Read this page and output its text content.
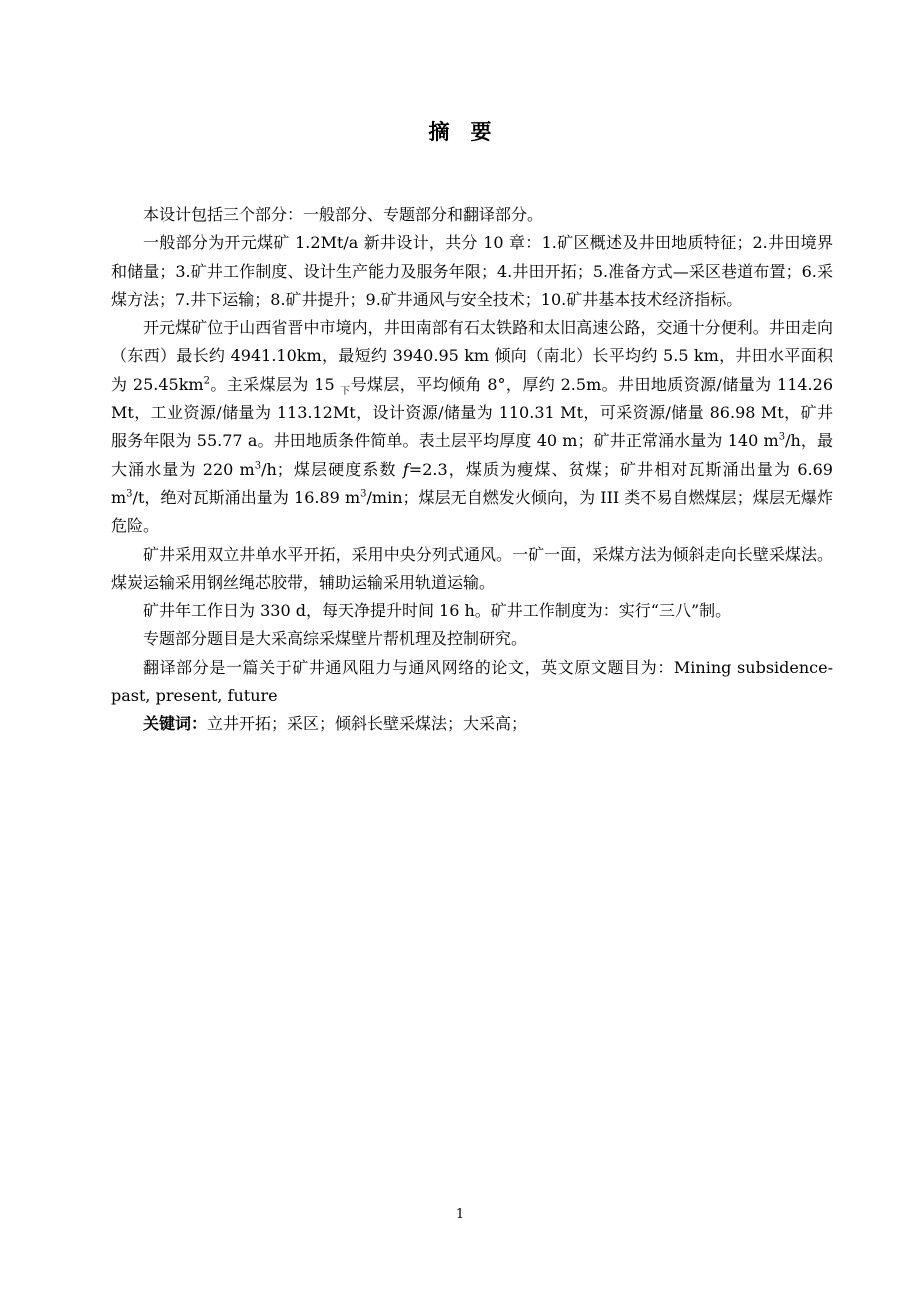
摘　要

本设计包括三个部分：一般部分、专题部分和翻译部分。

一般部分为开元煤矿 1.2Mt/a 新井设计，共分 10 章：1.矿区概述及井田地质特征；2.井田境界和储量；3.矿井工作制度、设计生产能力及服务年限；4.井田开拓；5.准备方式—采区巷道布置；6.采煤方法；7.井下运输；8.矿井提升；9.矿井通风与安全技术；10.矿井基本技术经济指标。

开元煤矿位于山西省晋中市境内，井田南部有石太铁路和太旧高速公路，交通十分便利。井田走向（东西）最长约 4941.10km，最短约 3940.95 km 倾向（南北）长平均约 5.5 km，井田水平面积为 $25.45km^2$。主采煤层为 15 $_下$号煤层，平均倾角 8°，厚约 2.5m。井田地质资源/储量为 114.26 Mt，工业资源/储量为 113.12Mt，设计资源/储量为 110.31 Mt，可采资源/储量 86.98 Mt，矿井服务年限为 55.77 a。井田地质条件简单。表土层平均厚度 40 m；矿井正常涌水量为 140 $m^3/h$，最大涌水量为 220 $m^3/h$；煤层硬度系数 f=2.3，煤质为瘦煤、贫煤；矿井相对瓦斯涌出量为 6.69 $m^3/t$，绝对瓦斯涌出量为 16.89 $m^3/\min$；煤层无自燃发火倾向，为 III 类不易自燃煤层；煤层无爆炸危险。

矿井采用双立井单水平开拓，采用中央分列式通风。一矿一面，采煤方法为倾斜走向长壁采煤法。煤炭运输采用钢丝绳芯胶带，辅助运输采用轨道运输。

矿井年工作日为 330 d，每天净提升时间 16 h。矿井工作制度为：实行“三八”制。

专题部分题目是大采高综采煤壁片帮机理及控制研究。

翻译部分是一篇关于矿井通风阻力与通风网络的论文，英文原文题目为：Mining subsidence- past, present, future

关键词：立井开拓；采区；倾斜长壁采煤法；大采高；

1
